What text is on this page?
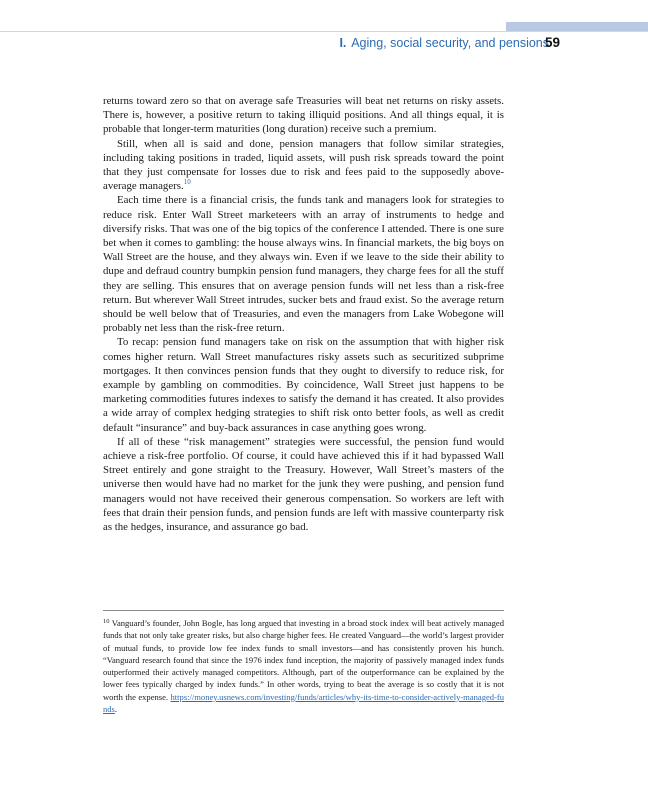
I. Aging, social security, and pensions
59

returns toward zero so that on average safe Treasuries will beat net returns on risky assets. There is, however, a positive return to taking illiquid positions. And all things equal, it is probable that longer-term maturities (long duration) receive such a premium.

Still, when all is said and done, pension managers that follow similar strategies, including taking positions in traded, liquid assets, will push risk spreads toward the point that they just compensate for losses due to risk and fees paid to the supposedly above-average managers.$^{10}$

Each time there is a financial crisis, the funds tank and managers look for strategies to reduce risk. Enter Wall Street marketeers with an array of instruments to hedge and diversify risks. That was one of the big topics of the conference I attended. There is one sure bet when it comes to gambling: the house always wins. In financial markets, the big boys on Wall Street are the house, and they always win. Even if we leave to the side their ability to dupe and defraud country bumpkin pension fund managers, they charge fees for all the stuff they are selling. This ensures that on average pension funds will net less than a risk-free return. But wherever Wall Street intrudes, sucker bets and fraud exist. So the average return should be well below that of Treasuries, and even the managers from Lake Wobegone will probably net less than the risk-free return.

To recap: pension fund managers take on risk on the assumption that with higher risk comes higher return. Wall Street manufactures risky assets such as securitized subprime mortgages. It then convinces pension funds that they ought to diversify to reduce risk, for example by gambling on commodities. By coincidence, Wall Street just happens to be marketing commodities futures indexes to satisfy the demand it has created. It also provides a wide array of complex hedging strategies to shift risk onto better fools, as well as credit default “insurance” and buy-back assurances in case anything goes wrong.

If all of these “risk management” strategies were successful, the pension fund would achieve a risk-free portfolio. Of course, it could have achieved this if it had bypassed Wall Street entirely and gone straight to the Treasury. However, Wall Street’s masters of the universe then would have had no market for the junk they were pushing, and pension fund managers would not have received their generous compensation. So workers are left with fees that drain their pension funds, and pension funds are left with massive counterparty risk as the hedges, insurance, and assurance go bad.

$^{10}$ Vanguard’s founder, John Bogle, has long argued that investing in a broad stock index will beat actively managed funds that not only take greater risks, but also charge higher fees. He created Vanguard—the world’s largest provider of mutual funds, to provide low fee index funds to small investors—and has consistently proven his hunch. “Vanguard research found that since the 1976 index fund inception, the majority of passively managed index funds outperformed their actively managed competitors. Although, part of the outperformance can be explained by the lower fees typically charged by index funds.” In other words, trying to beat the average is so costly that it is not worth the expense. https://money.usnews.com/investing/funds/articles/why-its-time-to-consider-actively-managed-funds.
